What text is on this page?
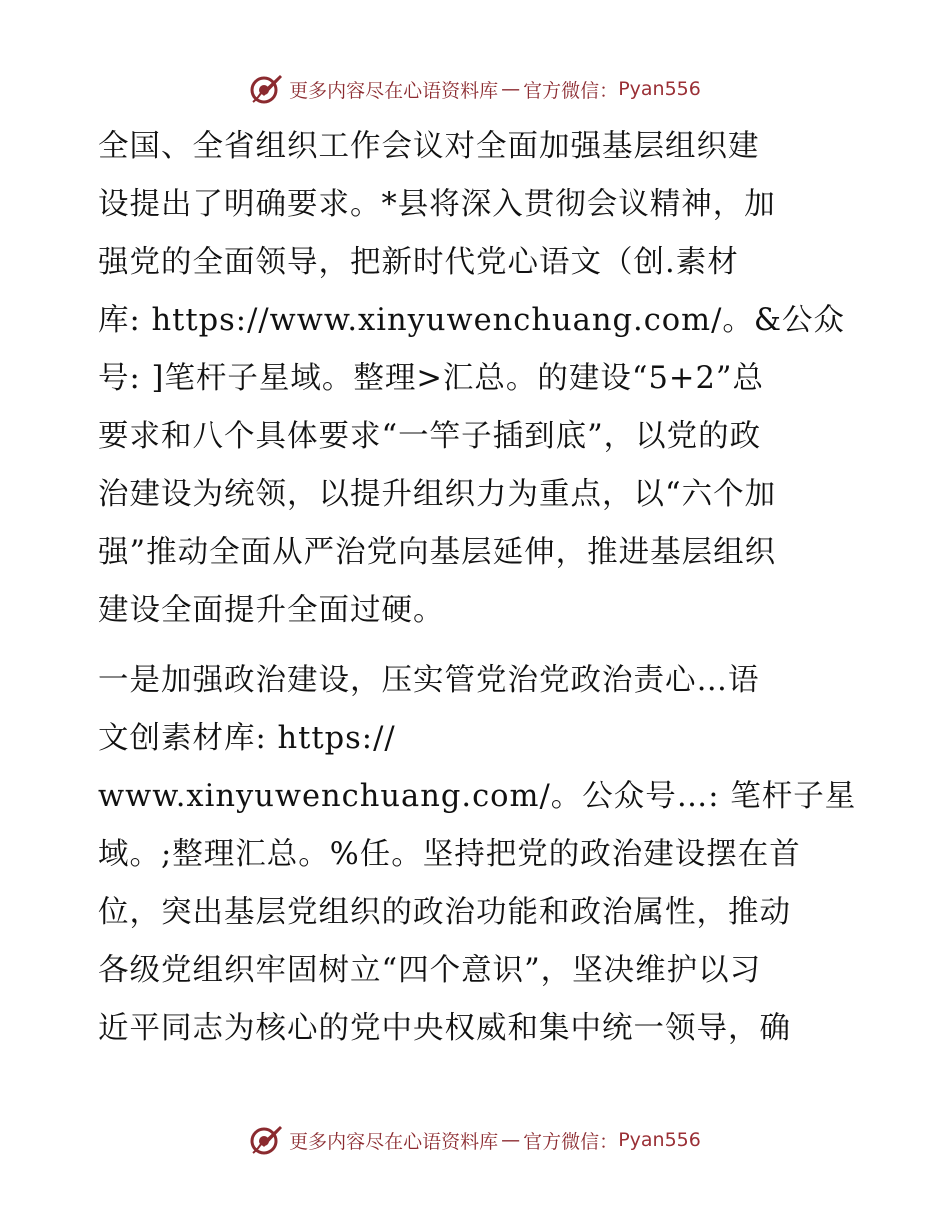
更多内容尽在心语资料库 — 官方微信： Pyan556

全国、全省组织工作会议对全面加强基层组织建
设提出了明确要求。*县将深入贯彻会议精神，加
强党的全面领导，把新时代党心语文（创.素材
库: https://www.xinyuwenchuang.com/。&公众
号: ]笔杆子星域。整理>汇总。的建设“5+2”总
要求和八个具体要求“一竿子插到底”，以党的政
治建设为统领，以提升组织力为重点，以“六个加
强”推动全面从严治党向基层延伸，推进基层组织
建设全面提升全面过硬。

一是加强政治建设，压实管党治党政治责心…语
文创素材库: https://
www.xinyuwenchuang.com/。公众号…: 笔杆子星
域。;整理汇总。%任。坚持把党的政治建设摆在首
位，突出基层党组织的政治功能和政治属性，推动
各级党组织牢固树立“四个意识”，坚决维护以习
近平同志为核心的党中央权威和集中统一领导，确

更多内容尽在心语资料库 — 官方微信： Pyan556
